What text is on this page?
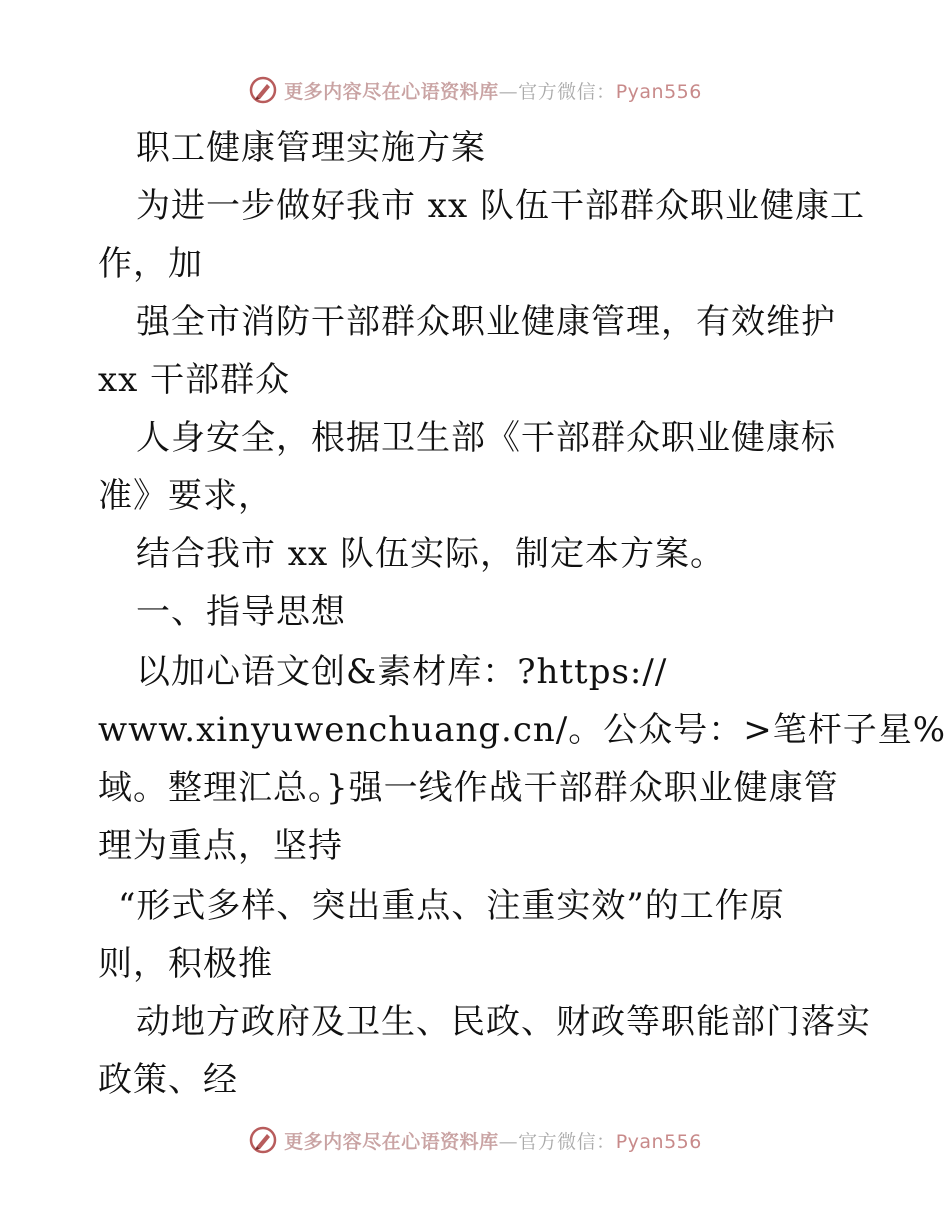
更多内容尽在心语资料库—官方微信：Pyan556
职工健康管理实施方案
为进一步做好我市 xx 队伍干部群众职业健康工
作，加
强全市消防干部群众职业健康管理，有效维护
xx 干部群众
人身安全，根据卫生部《干部群众职业健康标
准》要求，
结合我市 xx 队伍实际，制定本方案。
一、指导思想
以加心语文创&素材库：?https://
www.xinyuwenchuang.cn/。公众号：>笔杆子星%
域。整理汇总。}强一线作战干部群众职业健康管
理为重点，坚持
“形式多样、突出重点、注重实效”的工作原
则，积极推
动地方政府及卫生、民政、财政等职能部门落实
政策、经
更多内容尽在心语资料库—官方微信：Pyan556
